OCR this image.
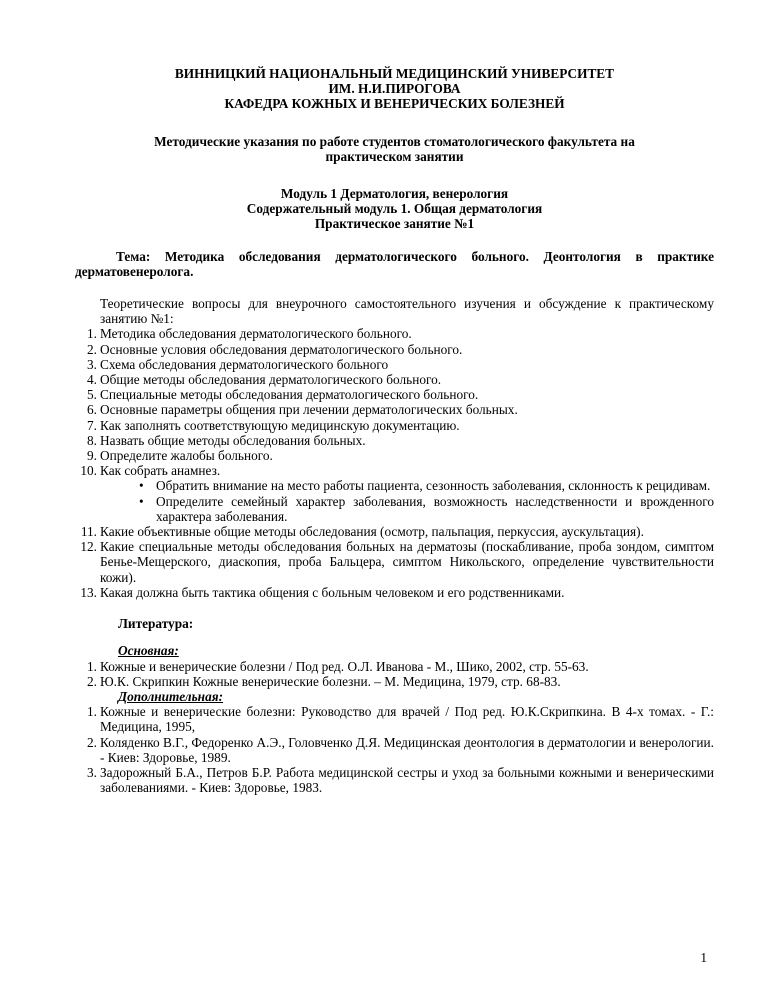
ВИННИЦКИЙ НАЦИОНАЛЬНЫЙ МЕДИЦИНСКИЙ УНИВЕРСИТЕТ
ИМ. Н.И.ПИРОГОВА
КАФЕДРА КОЖНЫХ И ВЕНЕРИЧЕСКИХ БОЛЕЗНЕЙ
Методические указания по работе студентов стоматологического факультета на
практическом занятии
Модуль 1 Дерматология, венерология
Содержательный модуль 1. Общая дерматология
Практическое занятие №1
Тема: Методика обследования дерматологического больного. Деонтология в практике дерматовенеролога.
Теоретические вопросы для внеурочного самостоятельного изучения и обсуждение к практическому занятию №1:
1. Методика обследования дерматологического больного.
2. Основные условия обследования дерматологического больного.
3. Схема обследования дерматологического больного
4. Общие методы обследования дерматологического больного.
5. Специальные методы обследования дерматологического больного.
6. Основные параметры общения при лечении дерматологических больных.
7. Как заполнять соответствующую медицинскую документацию.
8. Назвать общие методы обследования больных.
9. Определите жалобы больного.
10. Как собрать анамнез.
• Обратить внимание на место работы пациента, сезонность заболевания, склонность к рецидивам.
• Определите семейный характер заболевания, возможность наследственности и врожденного характера заболевания.
11. Какие объективные общие методы обследования (осмотр, пальпация, перкуссия, аускультация).
12. Какие специальные методы обследования больных на дерматозы (поскабливание, проба зондом, симптом Бенье-Мещерского, диаскопия, проба Бальцера, симптом Никольского, определение чувствительности кожи).
13. Какая должна быть тактика общения с больным человеком и его родственниками.
Литература:
Основная:
1. Кожные и венерические болезни / Под ред. О.Л. Иванова - М., Шико, 2002, стр. 55-63.
2. Ю.К. Скрипкин Кожные венерические болезни. – М. Медицина, 1979, стр. 68-83.
Дополнительная:
1. Кожные и венерические болезни: Руководство для врачей / Под ред. Ю.К.Скрипкина. В 4-х томах. - Г.: Медицина, 1995,
2. Коляденко В.Г., Федоренко А.Э., Головченко Д.Я. Медицинская деонтология в дерматологии и венерологии. - Киев: Здоровье, 1989.
3. Задорожный Б.А., Петров Б.Р. Работа медицинской сестры и уход за больными кожными и венерическими заболеваниями. - Киев: Здоровье, 1983.
1
